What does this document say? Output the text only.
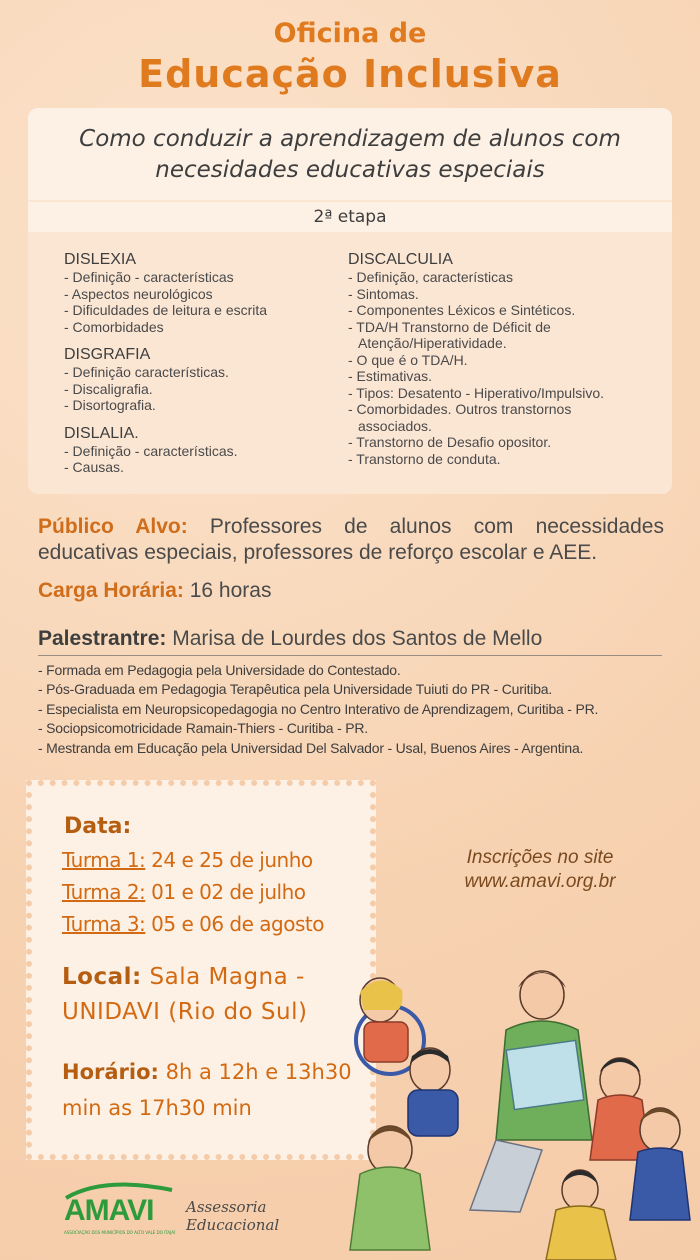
Oficina de
Educação Inclusiva
Como conduzir a aprendizagem de alunos com
necesidades educativas especiais
2ª etapa
DISLEXIA
- Definição - características
- Aspectos neurológicos
- Dificuldades de leitura e escrita
- Comorbidades
DISGRAFIA
- Definição características.
- Discaligrafia.
- Disortografia.
DISLALIA.
- Definição - características.
- Causas.
DISCALCULIA
- Definição, características
- Sintomas.
- Componentes Léxicos e Sintéticos.
- TDA/H Transtorno de Déficit de
Atenção/Hiperatividade.
- O que é o TDA/H.
- Estimativas.
- Tipos: Desatento - Hiperativo/Impulsivo.
- Comorbidades. Outros transtornos
associados.
- Transtorno de Desafio opositor.
- Transtorno de conduta.
Público Alvo: Professores de alunos com necessidades educativas especiais, professores de reforço escolar e AEE.
Carga Horária: 16 horas
Palestrantre: Marisa de Lourdes dos Santos de Mello
- Formada em Pedagogia pela Universidade do Contestado.
- Pós-Graduada em Pedagogia Terapêutica pela Universidade Tuiuti do PR - Curitiba.
- Especialista em Neuropsicopedagogia no Centro Interativo de Aprendizagem, Curitiba - PR.
- Sociopsicomotricidade Ramain-Thiers - Curitiba - PR.
- Mestranda em Educação pela Universidad Del Salvador - Usal, Buenos Aires - Argentina.
Data:
Turma 1: 24 e 25 de junho
Turma 2: 01 e 02 de julho
Turma 3: 05 e 06 de agosto
Local: Sala Magna - UNIDAVI (Rio do Sul)
Horário: 8h a 12h e 13h30 min as 17h30 min
Inscrições no site
www.amavi.org.br
AMAVI
ASSOCIAÇÃO DOS MUNICÍPIOS DO ALTO VALE DO ITAJAÍ
Assessoria
Educacional
